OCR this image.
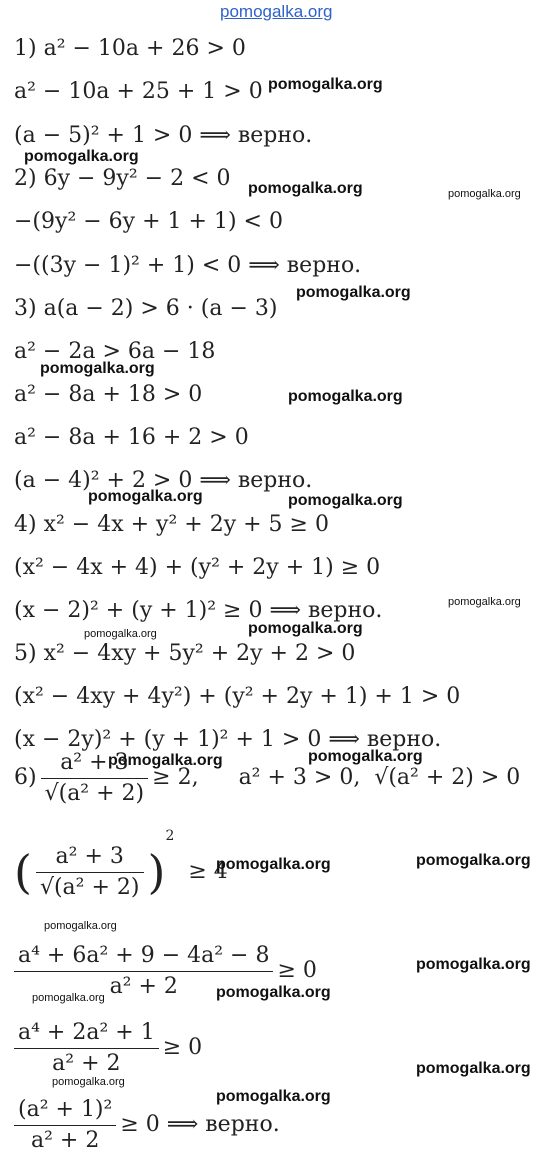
pomogalka.org
1) a² − 10a + 26 > 0
a² − 10a + 25 + 1 > 0
(a − 5)² + 1 > 0 ⟹ верно.
2) 6y − 9y² − 2 < 0
−(9y² − 6y + 1 + 1) < 0
−((3y − 1)² + 1) < 0 ⟹ верно.
3) a(a − 2) > 6 · (a − 3)
a² − 2a > 6a − 18
a² − 8a + 18 > 0
a² − 8a + 16 + 2 > 0
(a − 4)² + 2 > 0 ⟹ верно.
4) x² − 4x + y² + 2y + 5 ≥ 0
(x² − 4x + 4) + (y² + 2y + 1) ≥ 0
(x − 2)² + (y + 1)² ≥ 0 ⟹ верно.
5) x² − 4xy + 5y² + 2y + 2 > 0
(x² − 4xy + 4y²) + (y² + 2y + 1) + 1 > 0
(x − 2y)² + (y + 1)² + 1 > 0 ⟹ верно.
$6) \frac{\text{a² + 3}}{\text{√(a² + 2)}} \ge 2$, a² + 3 > 0, √(a² + 2) > 0
( $\frac{\text{a² + 3}}{\text{√(a² + 2)}}$ )
2
≥ 4
$\frac{\text{a⁴ + 6a² + 9 − 4a² − 8}}{\text{a² + 2}} \ge 0$
$\frac{\text{a⁴ + 2a² + 1}}{\text{a² + 2}} \ge 0$
$\frac{\text{(a² + 1)²}}{\text{a² + 2}} \ge 0$ ⟹ верно.
pomogalka.org
pomogalka.org
pomogalka.org	pomogalka.org
pomogalka.org
pomogalka.org
pomogalka.org
pomogalka.org	pomogalka.org
pomogalka.org
pomogalka.org	pomogalka.org
pomogalka.org
pomogalka.org
pomogalka.org	pomogalka.org
pomogalka.org
pomogalka.org
pomogalka.org	pomogalka.org
pomogalka.org
pomogalka.org
pomogalka.org
